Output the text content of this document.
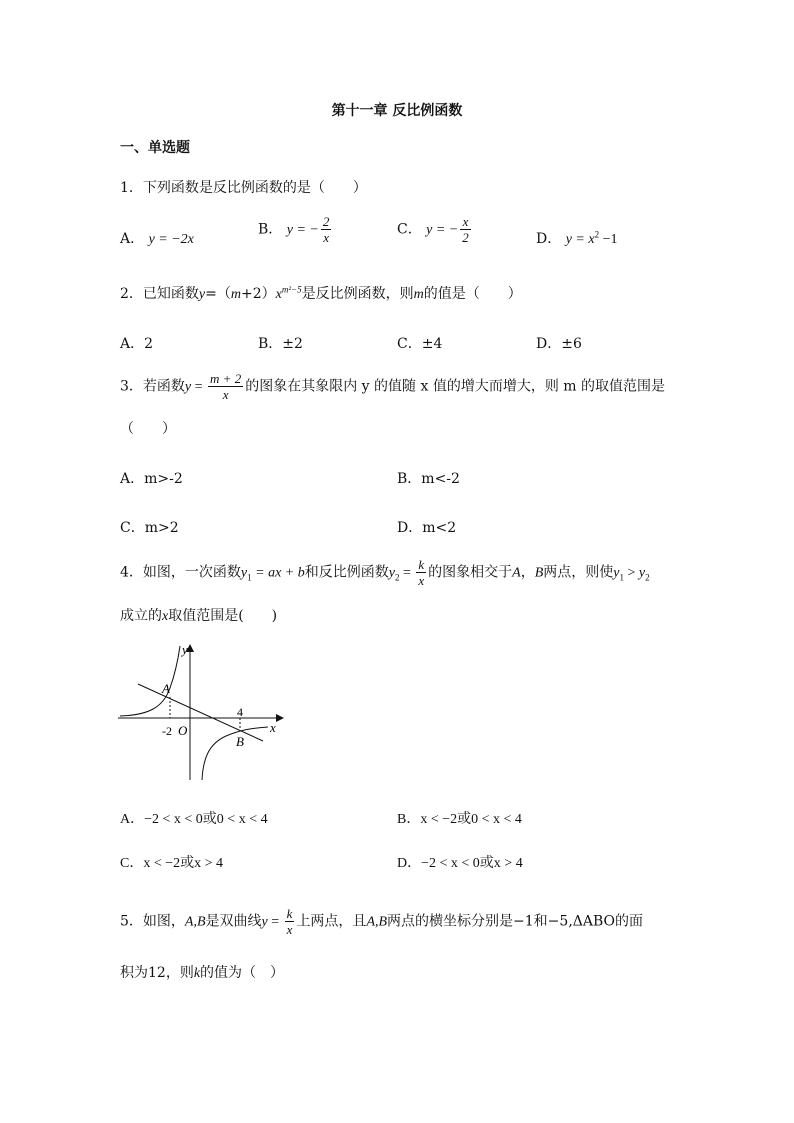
第十一章 反比例函数
一、单选题
1．下列函数是反比例函数的是（　　）
A． y = −2x
B． y = − $\frac{2}{x}$	C． y = − $\frac{x}{2}$	D． $y = x^2 -1$
2．已知函数$y=(m+2)x^{m^2-5}$是反比例函数，则m的值是（　　）
A．2	B．±2	C．±4	D．±6
3．若函数$y = \frac{m + 2}{x}$ 的图象在其象限内 y 的值随 x 值的增大而增大，则 m 的取值范围是
（　　）
A．m>-2	B．m<-2
C．m>2	D．m<2
4．如图，一次函数$y_1$ = ax + b和反比例函数$y_2 = \frac{k}{x}$ 的图象相交于A，B两点，则使$y_1 > y_2$
成立的x取值范围是(　　)
y
x
A
B
O
-2
4
A．−2 < x < 0或0 < x < 4	B．x < −2或0 < x < 4
C．x < −2或x > 4	D．−2 < x < 0或x > 4
5．如图，A,B是双曲线$y = \frac{k}{x}$ 上两点，且A,B两点的横坐标分别是−1和−5,ΔABO的面
积为12，则k的值为（　）
